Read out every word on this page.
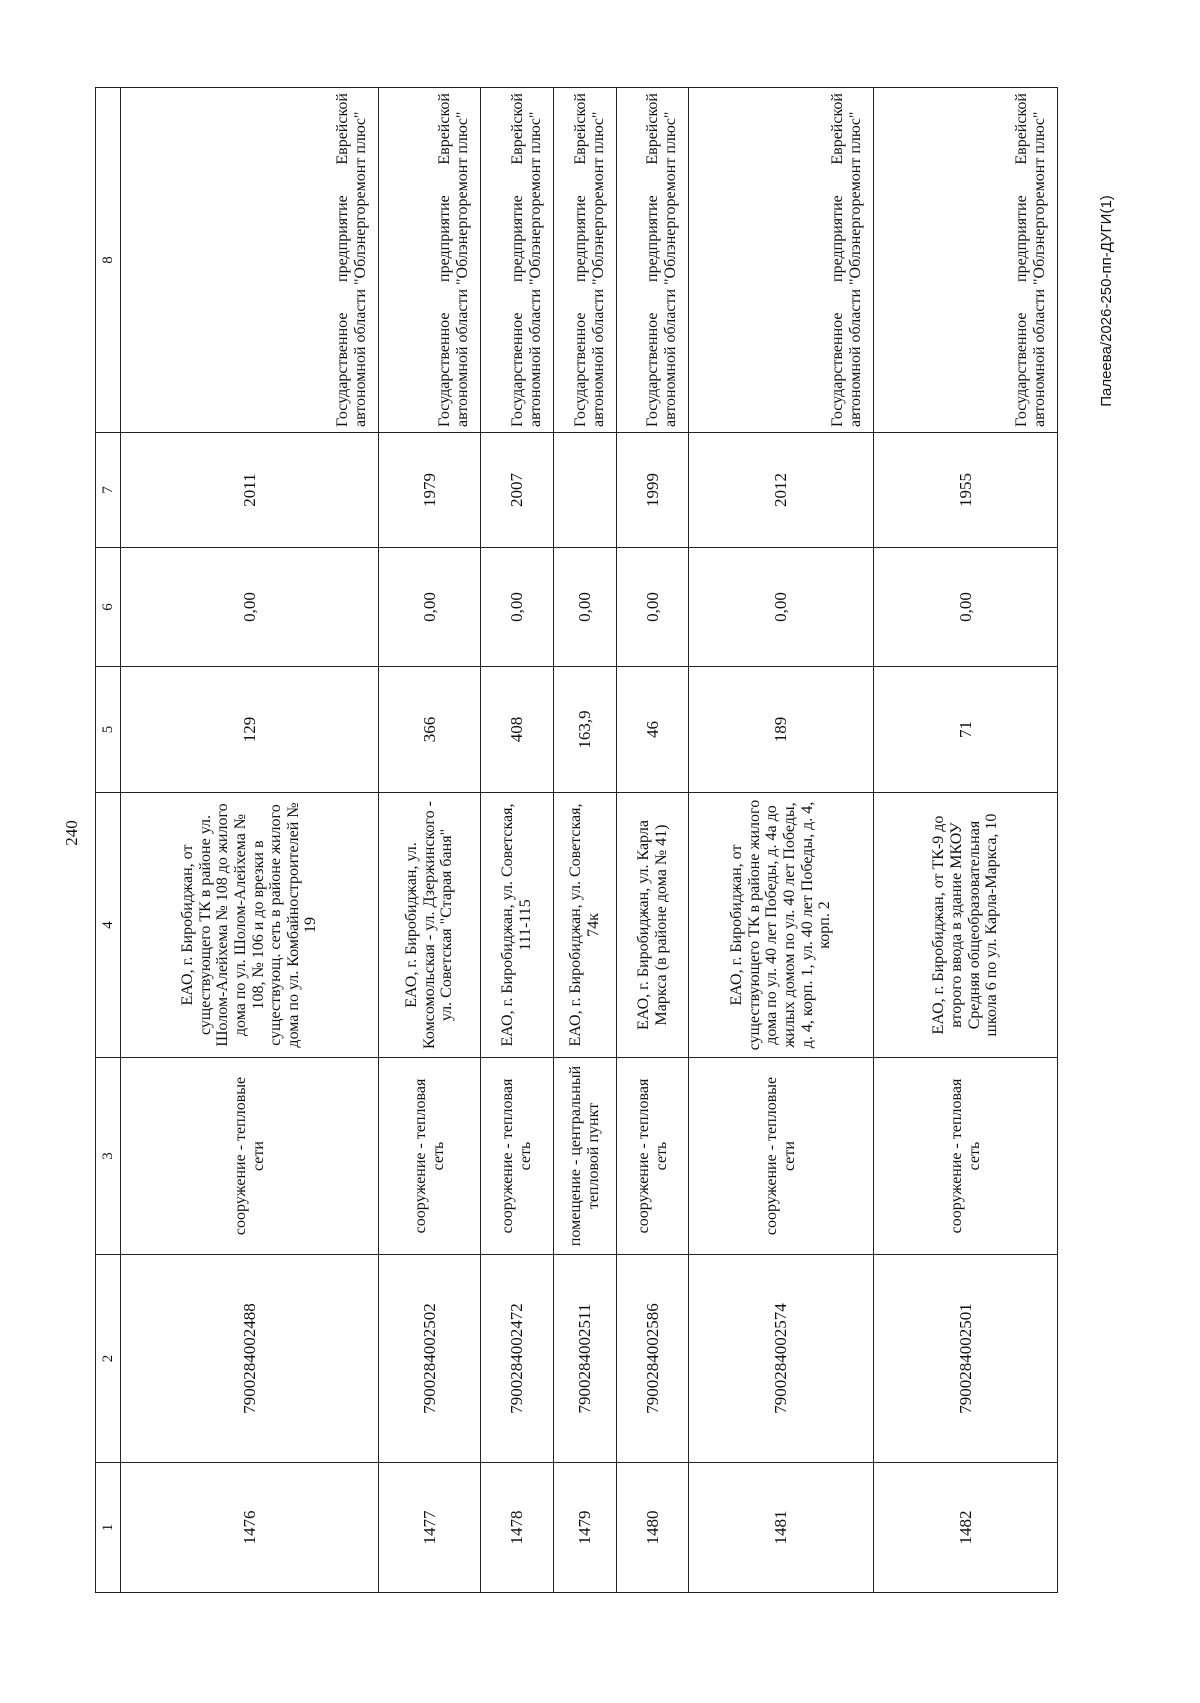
240
1	2	3	4	5	6	7	8
1476	7900284002488	сооружение - тепловые сети	ЕАО, г. Биробиджан, от существующего ТК в районе ул. Шолом-Алейхема № 108 до жилого дома по ул. Шолом-Алейхема № 108, № 106 и до врезки в существующ. сеть в районе жилого дома по ул. Комбайностроителей № 19	129	0,00	2011	Государственное предприятие Еврейской автономной области "Облэнергоремонт плюс"
1477	7900284002502	сооружение - тепловая сеть	ЕАО, г. Биробиджан, ул. Комсомольская - ул. Дзержинского - ул. Советская "Старая баня"	366	0,00	1979	Государственное предприятие Еврейской автономной области "Облэнергоремонт плюс"
1478	7900284002472	сооружение - тепловая сеть	ЕАО, г. Биробиджан, ул. Советская, 111-115	408	0,00	2007	Государственное предприятие Еврейской автономной области "Облэнергоремонт плюс"
1479	7900284002511	помещение - центральный тепловой пункт	ЕАО, г. Биробиджан, ул. Советская, 74к	163,9	0,00		Государственное предприятие Еврейской автономной области "Облэнергоремонт плюс"
1480	7900284002586	сооружение - тепловая сеть	ЕАО, г. Биробиджан, ул. Карла Маркса (в районе дома № 41)	46	0,00	1999	Государственное предприятие Еврейской автономной области "Облэнергоремонт плюс"
1481	7900284002574	сооружение - тепловые сети	ЕАО, г. Биробиджан, от существующего ТК в районе жилого дома по ул. 40 лет Победы, д. 4а до жилых домом по ул. 40 лет Победы, д. 4, корп. 1, ул. 40 лет Победы, д. 4, корп. 2	189	0,00	2012	Государственное предприятие Еврейской автономной области "Облэнергоремонт плюс"
1482	7900284002501	сооружение - тепловая сеть	ЕАО, г. Биробиджан, от ТК-9 до второго ввода в здание МКОУ Средняя общеобразовательная школа 6 по ул. Карла-Маркса, 10	71	0,00	1955	Государственное предприятие Еврейской автономной области "Облэнергоремонт плюс"	Палеева/2026-250-пп-ДУГИ(1)
